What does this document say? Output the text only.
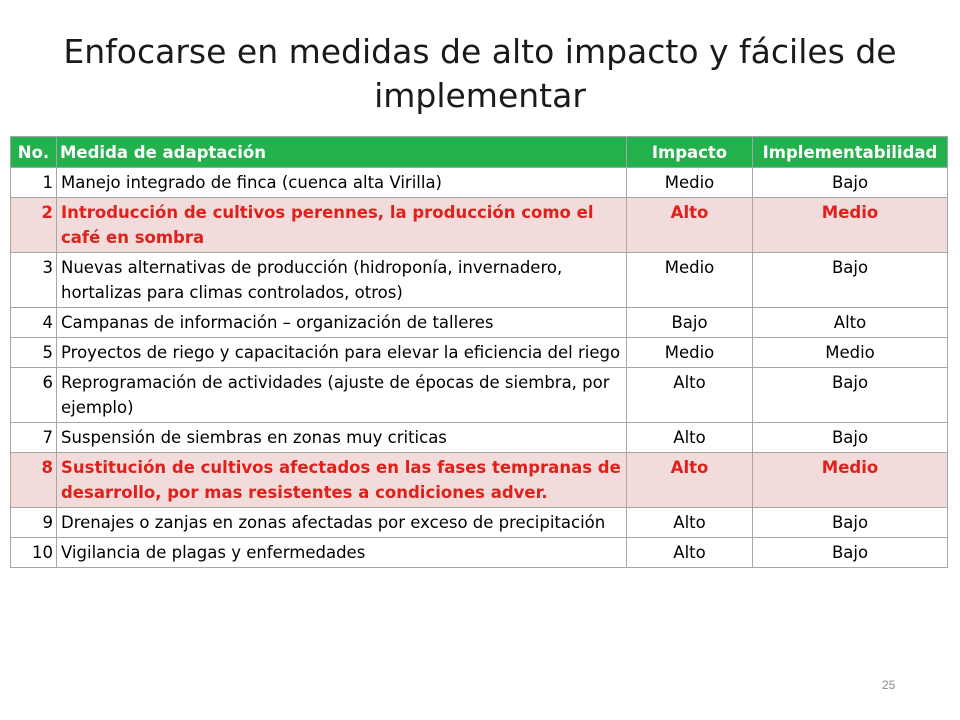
Enfocarse en medidas de alto impacto y fáciles de implementar
No.	Medida de adaptación	Impacto	Implementabilidad
1	Manejo integrado de finca (cuenca alta Virilla)	Medio	Bajo
2	Introducción de cultivos perennes, la producción como el café en sombra	Alto	Medio
3	Nuevas alternativas de producción (hidroponía, invernadero, hortalizas para climas controlados, otros)	Medio	Bajo
4	Campanas de información – organización de talleres	Bajo	Alto
5	Proyectos de riego y capacitación para elevar la eficiencia del riego	Medio	Medio
6	Reprogramación de actividades (ajuste de épocas de siembra, por ejemplo)	Alto	Bajo
7	Suspensión de siembras en zonas muy criticas	Alto	Bajo
8	Sustitución de cultivos afectados en las fases tempranas de desarrollo, por mas resistentes a condiciones adver.	Alto	Medio
9	Drenajes o zanjas en zonas afectadas por exceso de precipitación	Alto	Bajo
10	Vigilancia de plagas y enfermedades	Alto	Bajo
25
